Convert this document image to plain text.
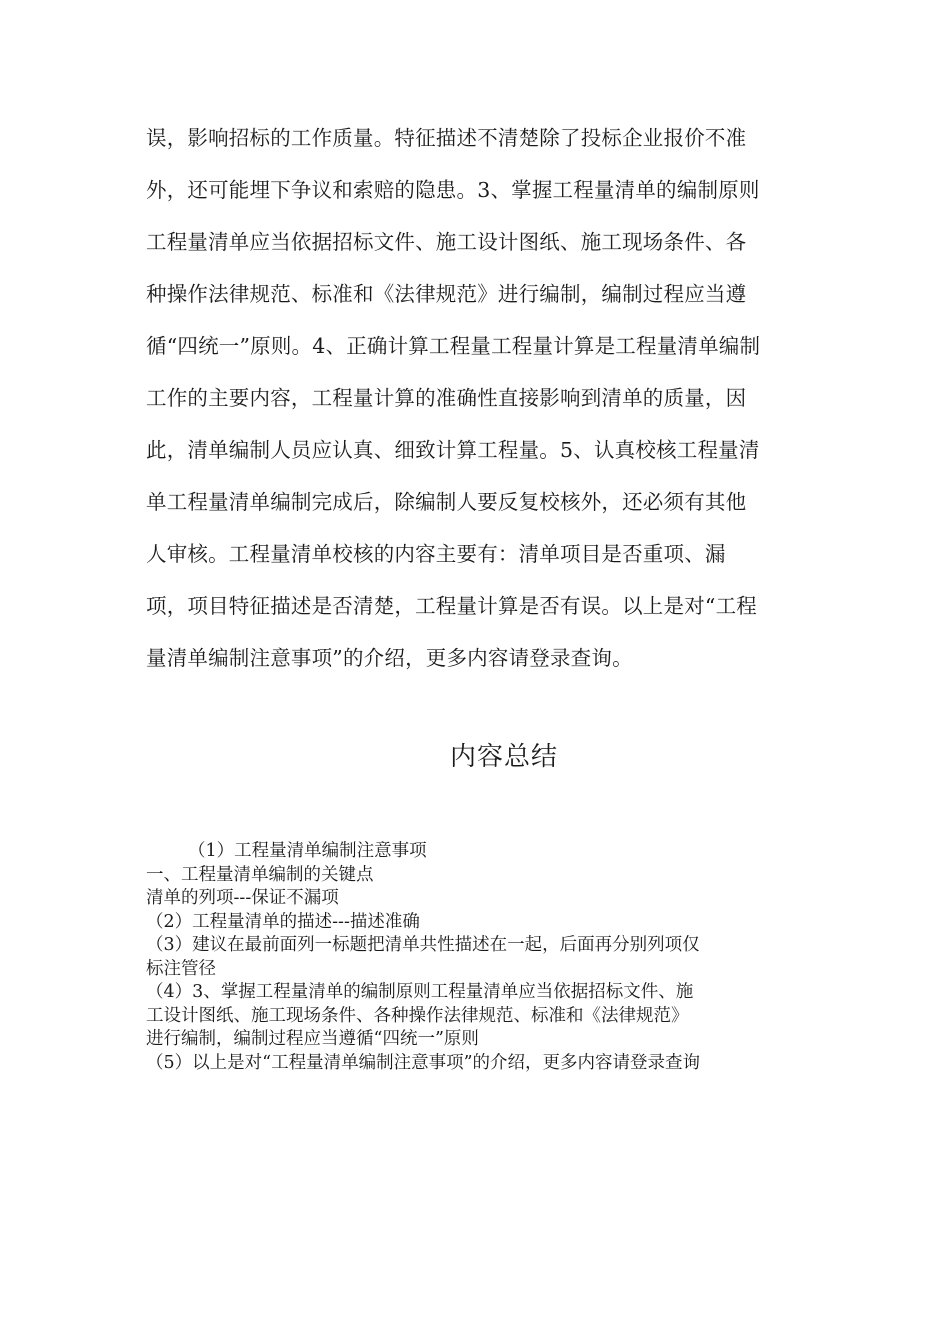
误，影响招标的工作质量。特征描述不清楚除了投标企业报价不准
外，还可能埋下争议和索赔的隐患。3、掌握工程量清单的编制原则
工程量清单应当依据招标文件、施工设计图纸、施工现场条件、各
种操作法律规范、标准和《法律规范》进行编制，编制过程应当遵
循“四统一”原则。4、正确计算工程量工程量计算是工程量清单编制
工作的主要内容，工程量计算的准确性直接影响到清单的质量，因
此，清单编制人员应认真、细致计算工程量。5、认真校核工程量清
单工程量清单编制完成后，除编制人要反复校核外，还必须有其他
人审核。工程量清单校核的内容主要有：清单项目是否重项、漏
项，项目特征描述是否清楚，工程量计算是否有误。以上是对“工程
量清单编制注意事项”的介绍，更多内容请登录查询。
内容总结
（1）工程量清单编制注意事项
一、工程量清单编制的关键点
清单的列项---保证不漏项
（2）工程量清单的描述---描述准确
（3）建议在最前面列一标题把清单共性描述在一起，后面再分别列项仅
标注管径
（4）3、掌握工程量清单的编制原则工程量清单应当依据招标文件、施
工设计图纸、施工现场条件、各种操作法律规范、标准和《法律规范》
进行编制，编制过程应当遵循“四统一”原则
（5）以上是对“工程量清单编制注意事项”的介绍，更多内容请登录查询
